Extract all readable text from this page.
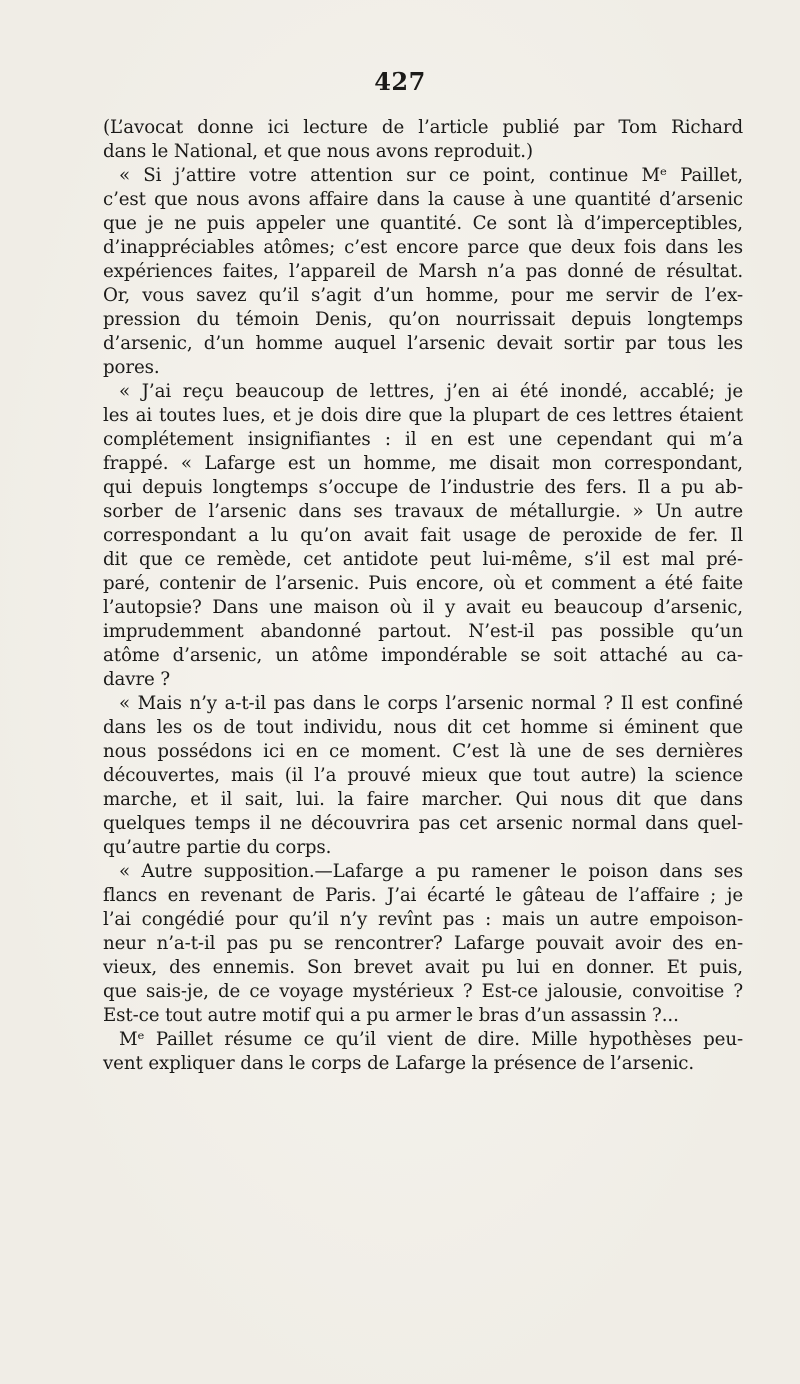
427
(L’avocat donne ici lecture de l’article publié par Tom Richard
dans le National, et que nous avons reproduit.)
« Si j’attire votre attention sur ce point, continue Mᵉ Paillet,
c’est que nous avons affaire dans la cause à une quantité d’arsenic
que je ne puis appeler une quantité. Ce sont là d’imperceptibles,
d’inappréciables atômes; c’est encore parce que deux fois dans les
expériences faites, l’appareil de Marsh n’a pas donné de résultat.
Or, vous savez qu’il s’agit d’un homme, pour me servir de l’ex-
pression du témoin Denis, qu’on nourrissait depuis longtemps
d’arsenic, d’un homme auquel l’arsenic devait sortir par tous les
pores.
« J’ai reçu beaucoup de lettres, j’en ai été inondé, accablé; je
les ai toutes lues, et je dois dire que la plupart de ces lettres étaient
complétement insignifiantes : il en est une cependant qui m’a
frappé. « Lafarge est un homme, me disait mon correspondant,
qui depuis longtemps s’occupe de l’industrie des fers. Il a pu ab-
sorber de l’arsenic dans ses travaux de métallurgie. » Un autre
correspondant a lu qu’on avait fait usage de peroxide de fer. Il
dit que ce remède, cet antidote peut lui-même, s’il est mal pré-
paré, contenir de l’arsenic. Puis encore, où et comment a été faite
l’autopsie? Dans une maison où il y avait eu beaucoup d’arsenic,
imprudemment abandonné partout. N’est-il pas possible qu’un
atôme d’arsenic, un atôme impondérable se soit attaché au ca-
davre ?
« Mais n’y a-t-il pas dans le corps l’arsenic normal ? Il est confiné
dans les os de tout individu, nous dit cet homme si éminent que
nous possédons ici en ce moment. C’est là une de ses dernières
découvertes, mais (il l’a prouvé mieux que tout autre) la science
marche, et il sait, lui. la faire marcher. Qui nous dit que dans
quelques temps il ne découvrira pas cet arsenic normal dans quel-
qu’autre partie du corps.
« Autre supposition.—Lafarge a pu ramener le poison dans ses
flancs en revenant de Paris. J’ai écarté le gâteau de l’affaire ; je
l’ai congédié pour qu’il n’y revînt pas : mais un autre empoison-
neur n’a-t-il pas pu se rencontrer? Lafarge pouvait avoir des en-
vieux, des ennemis. Son brevet avait pu lui en donner. Et puis,
que sais-je, de ce voyage mystérieux ? Est-ce jalousie, convoitise ?
Est-ce tout autre motif qui a pu armer le bras d’un assassin ?...
Mᵉ Paillet résume ce qu’il vient de dire. Mille hypothèses peu-
vent expliquer dans le corps de Lafarge la présence de l’arsenic.
